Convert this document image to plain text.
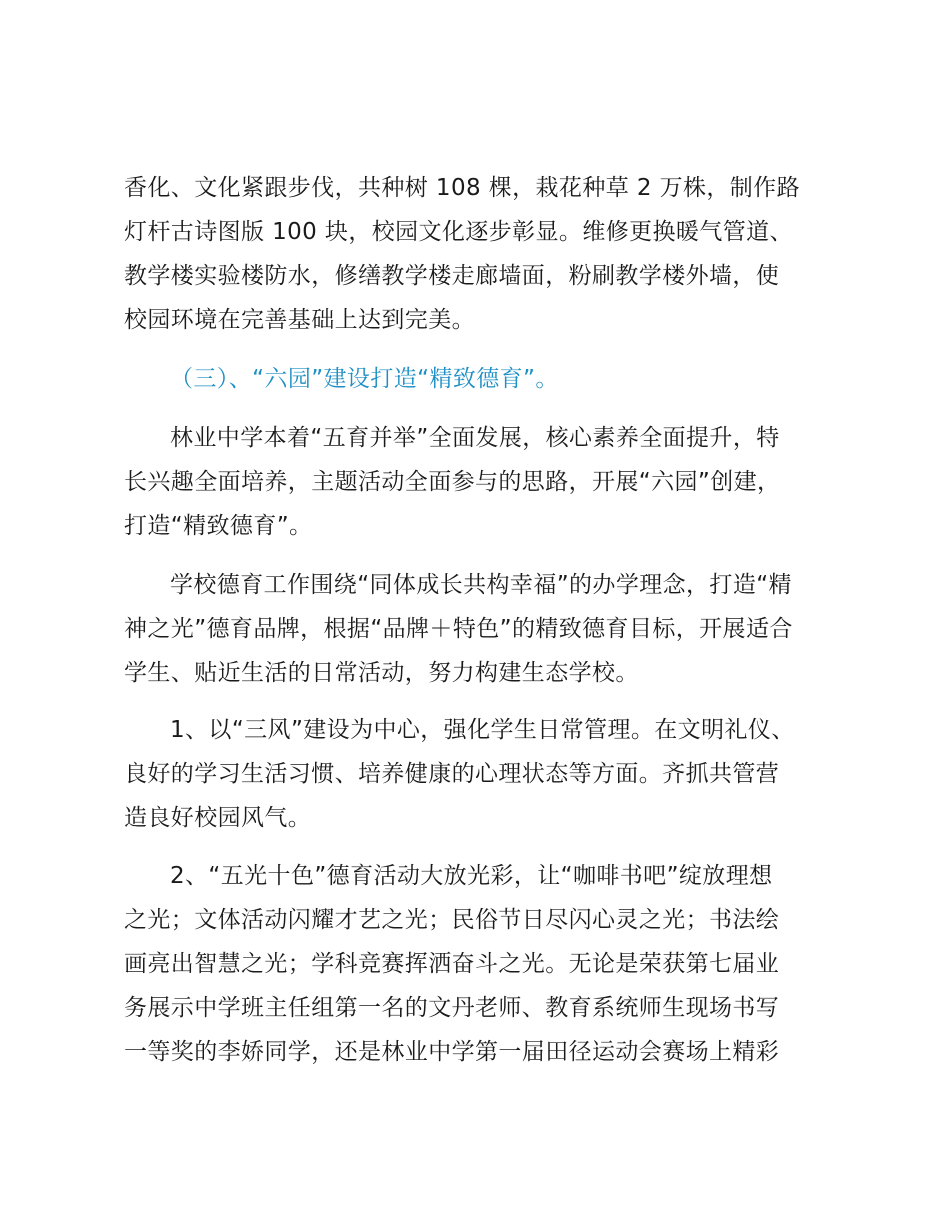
香化、文化紧跟步伐，共种树 108 棵，栽花种草 2 万株，制作路
灯杆古诗图版 100 块，校园文化逐步彰显。维修更换暖气管道、
教学楼实验楼防水，修缮教学楼走廊墙面，粉刷教学楼外墙，使
校园环境在完善基础上达到完美。
（三）、“六园”建设打造“精致德育”。
林业中学本着“五育并举”全面发展，核心素养全面提升，特
长兴趣全面培养，主题活动全面参与的思路，开展“六园”创建，
打造“精致德育”。
学校德育工作围绕“同体成长共构幸福”的办学理念，打造“精
神之光”德育品牌，根据“品牌＋特色”的精致德育目标，开展适合
学生、贴近生活的日常活动，努力构建生态学校。
1、以“三风”建设为中心，强化学生日常管理。在文明礼仪、
良好的学习生活习惯、培养健康的心理状态等方面。齐抓共管营
造良好校园风气。
2、“五光十色”德育活动大放光彩，让“咖啡书吧”绽放理想
之光；文体活动闪耀才艺之光；民俗节日尽闪心灵之光；书法绘
画亮出智慧之光；学科竞赛挥洒奋斗之光。无论是荣获第七届业
务展示中学班主任组第一名的文丹老师、教育系统师生现场书写
一等奖的李娇同学，还是林业中学第一届田径运动会赛场上精彩
